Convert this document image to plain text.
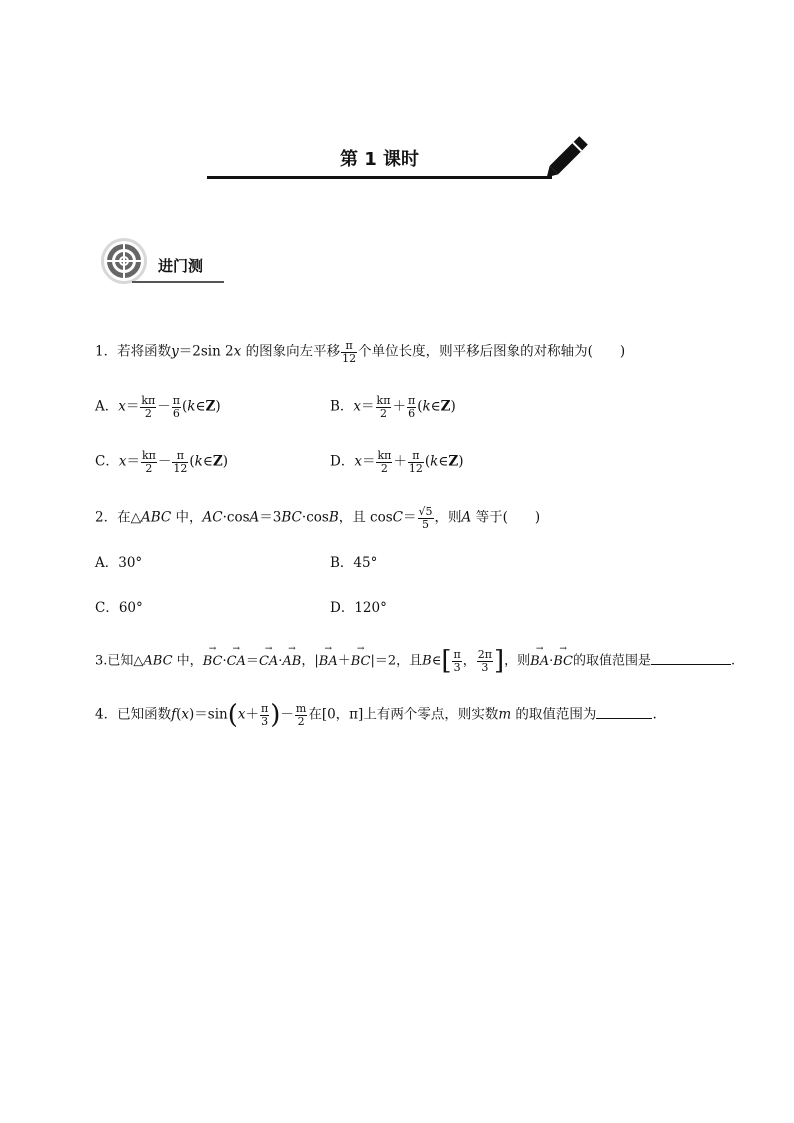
第 1 课时
进门测
1．若将函数y＝2sin 2x 的图象向左平移 $\frac{\pi}{12}$ 个单位长度，则平移后图象的对称轴为(　　)
A．$x= \frac{k\pi}{2} - \frac{\pi}{6}$ (k∈Z)	B．$x= \frac{k\pi}{2} + \frac{\pi}{6}$ (k∈Z)
C．$x= \frac{k\pi}{2} - \frac{\pi}{12}$ (k∈Z)	D．$x= \frac{k\pi}{2} + \frac{\pi}{12}$ (k∈Z)
2．在△ABC 中，AC·cosA＝3BC·cosB，且 $\cos C= \frac{√5}{5}$ ，则A 等于(　　)
A．30°	B．45°
C．60°	D．120°
3.已知△ABC 中，→ BC·→ CA＝→ CA·→ AB，|→ BA＋→ BC|＝2，且B∈[ $\frac{\pi}{3}$ ， $\frac{2\pi}{3}$ ]，则→ BA·→ BC的取值范围是	.
4．已知函数$f(x)=\sin(x+ \frac{\pi}{3}$ )－ $\frac{m}{2}$ 在[0，π]上有两个零点，则实数m 的取值范围为	.
